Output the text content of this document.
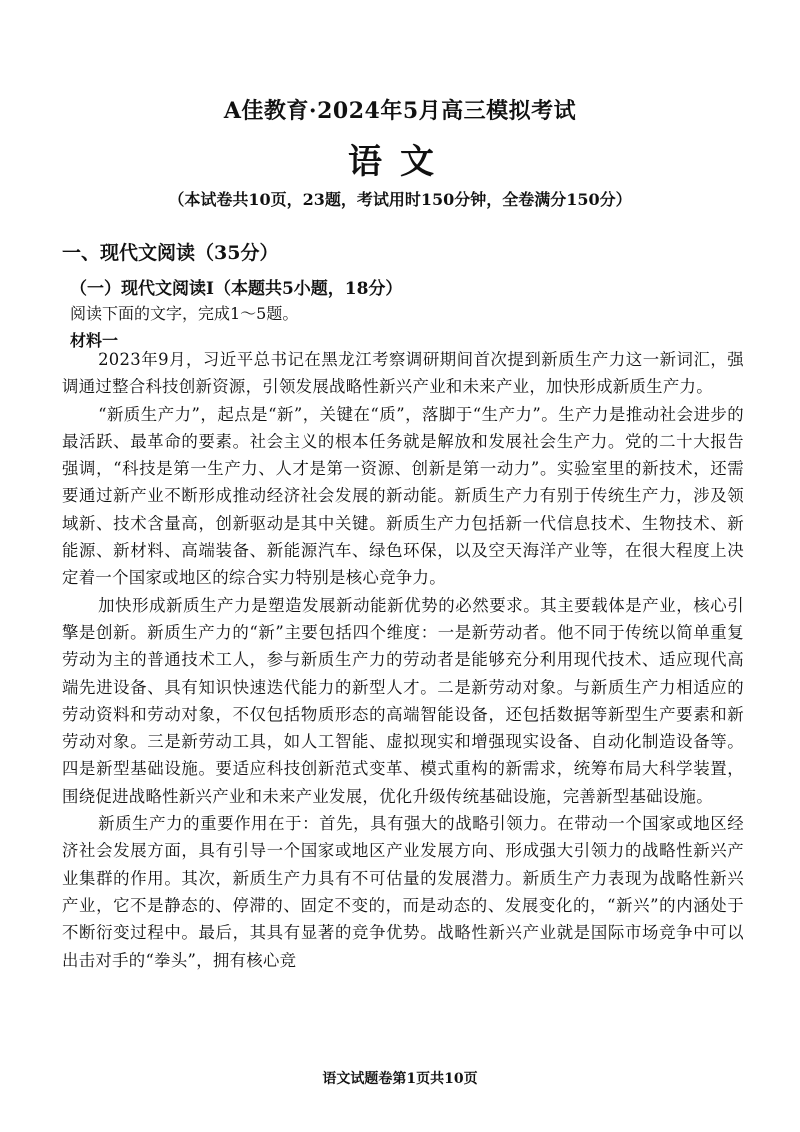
A佳教育·2024年5月高三模拟考试
语文
（本试卷共10页，23题，考试用时150分钟，全卷满分150分）
一、现代文阅读（35分）
（一）现代文阅读Ⅰ（本题共5小题，18分）
阅读下面的文字，完成1～5题。
材料一

2023年9月，习近平总书记在黑龙江考察调研期间首次提到新质生产力这一新词汇，强调通过整合科技创新资源，引领发展战略性新兴产业和未来产业，加快形成新质生产力。

“新质生产力”，起点是“新”，关键在“质”，落脚于“生产力”。生产力是推动社会进步的最活跃、最革命的要素。社会主义的根本任务就是解放和发展社会生产力。党的二十大报告强调，“科技是第一生产力、人才是第一资源、创新是第一动力”。实验室里的新技术，还需要通过新产业不断形成推动经济社会发展的新动能。新质生产力有别于传统生产力，涉及领域新、技术含量高，创新驱动是其中关键。新质生产力包括新一代信息技术、生物技术、新能源、新材料、高端装备、新能源汽车、绿色环保，以及空天海洋产业等，在很大程度上决定着一个国家或地区的综合实力特别是核心竞争力。

加快形成新质生产力是塑造发展新动能新优势的必然要求。其主要载体是产业，核心引擎是创新。新质生产力的“新”主要包括四个维度：一是新劳动者。他不同于传统以简单重复劳动为主的普通技术工人，参与新质生产力的劳动者是能够充分利用现代技术、适应现代高端先进设备、具有知识快速迭代能力的新型人才。二是新劳动对象。与新质生产力相适应的劳动资料和劳动对象，不仅包括物质形态的高端智能设备，还包括数据等新型生产要素和新劳动对象。三是新劳动工具，如人工智能、虚拟现实和增强现实设备、自动化制造设备等。四是新型基础设施。要适应科技创新范式变革、模式重构的新需求，统筹布局大科学装置，围绕促进战略性新兴产业和未来产业发展，优化升级传统基础设施，完善新型基础设施。

新质生产力的重要作用在于：首先，具有强大的战略引领力。在带动一个国家或地区经济社会发展方面，具有引导一个国家或地区产业发展方向、形成强大引领力的战略性新兴产业集群的作用。其次，新质生产力具有不可估量的发展潜力。新质生产力表现为战略性新兴产业，它不是静态的、停滞的、固定不变的，而是动态的、发展变化的，“新兴”的内涵处于不断衍变过程中。最后，其具有显著的竞争优势。战略性新兴产业就是国际市场竞争中可以出击对手的“拳头”，拥有核心竞

语文试题卷第1页共10页
